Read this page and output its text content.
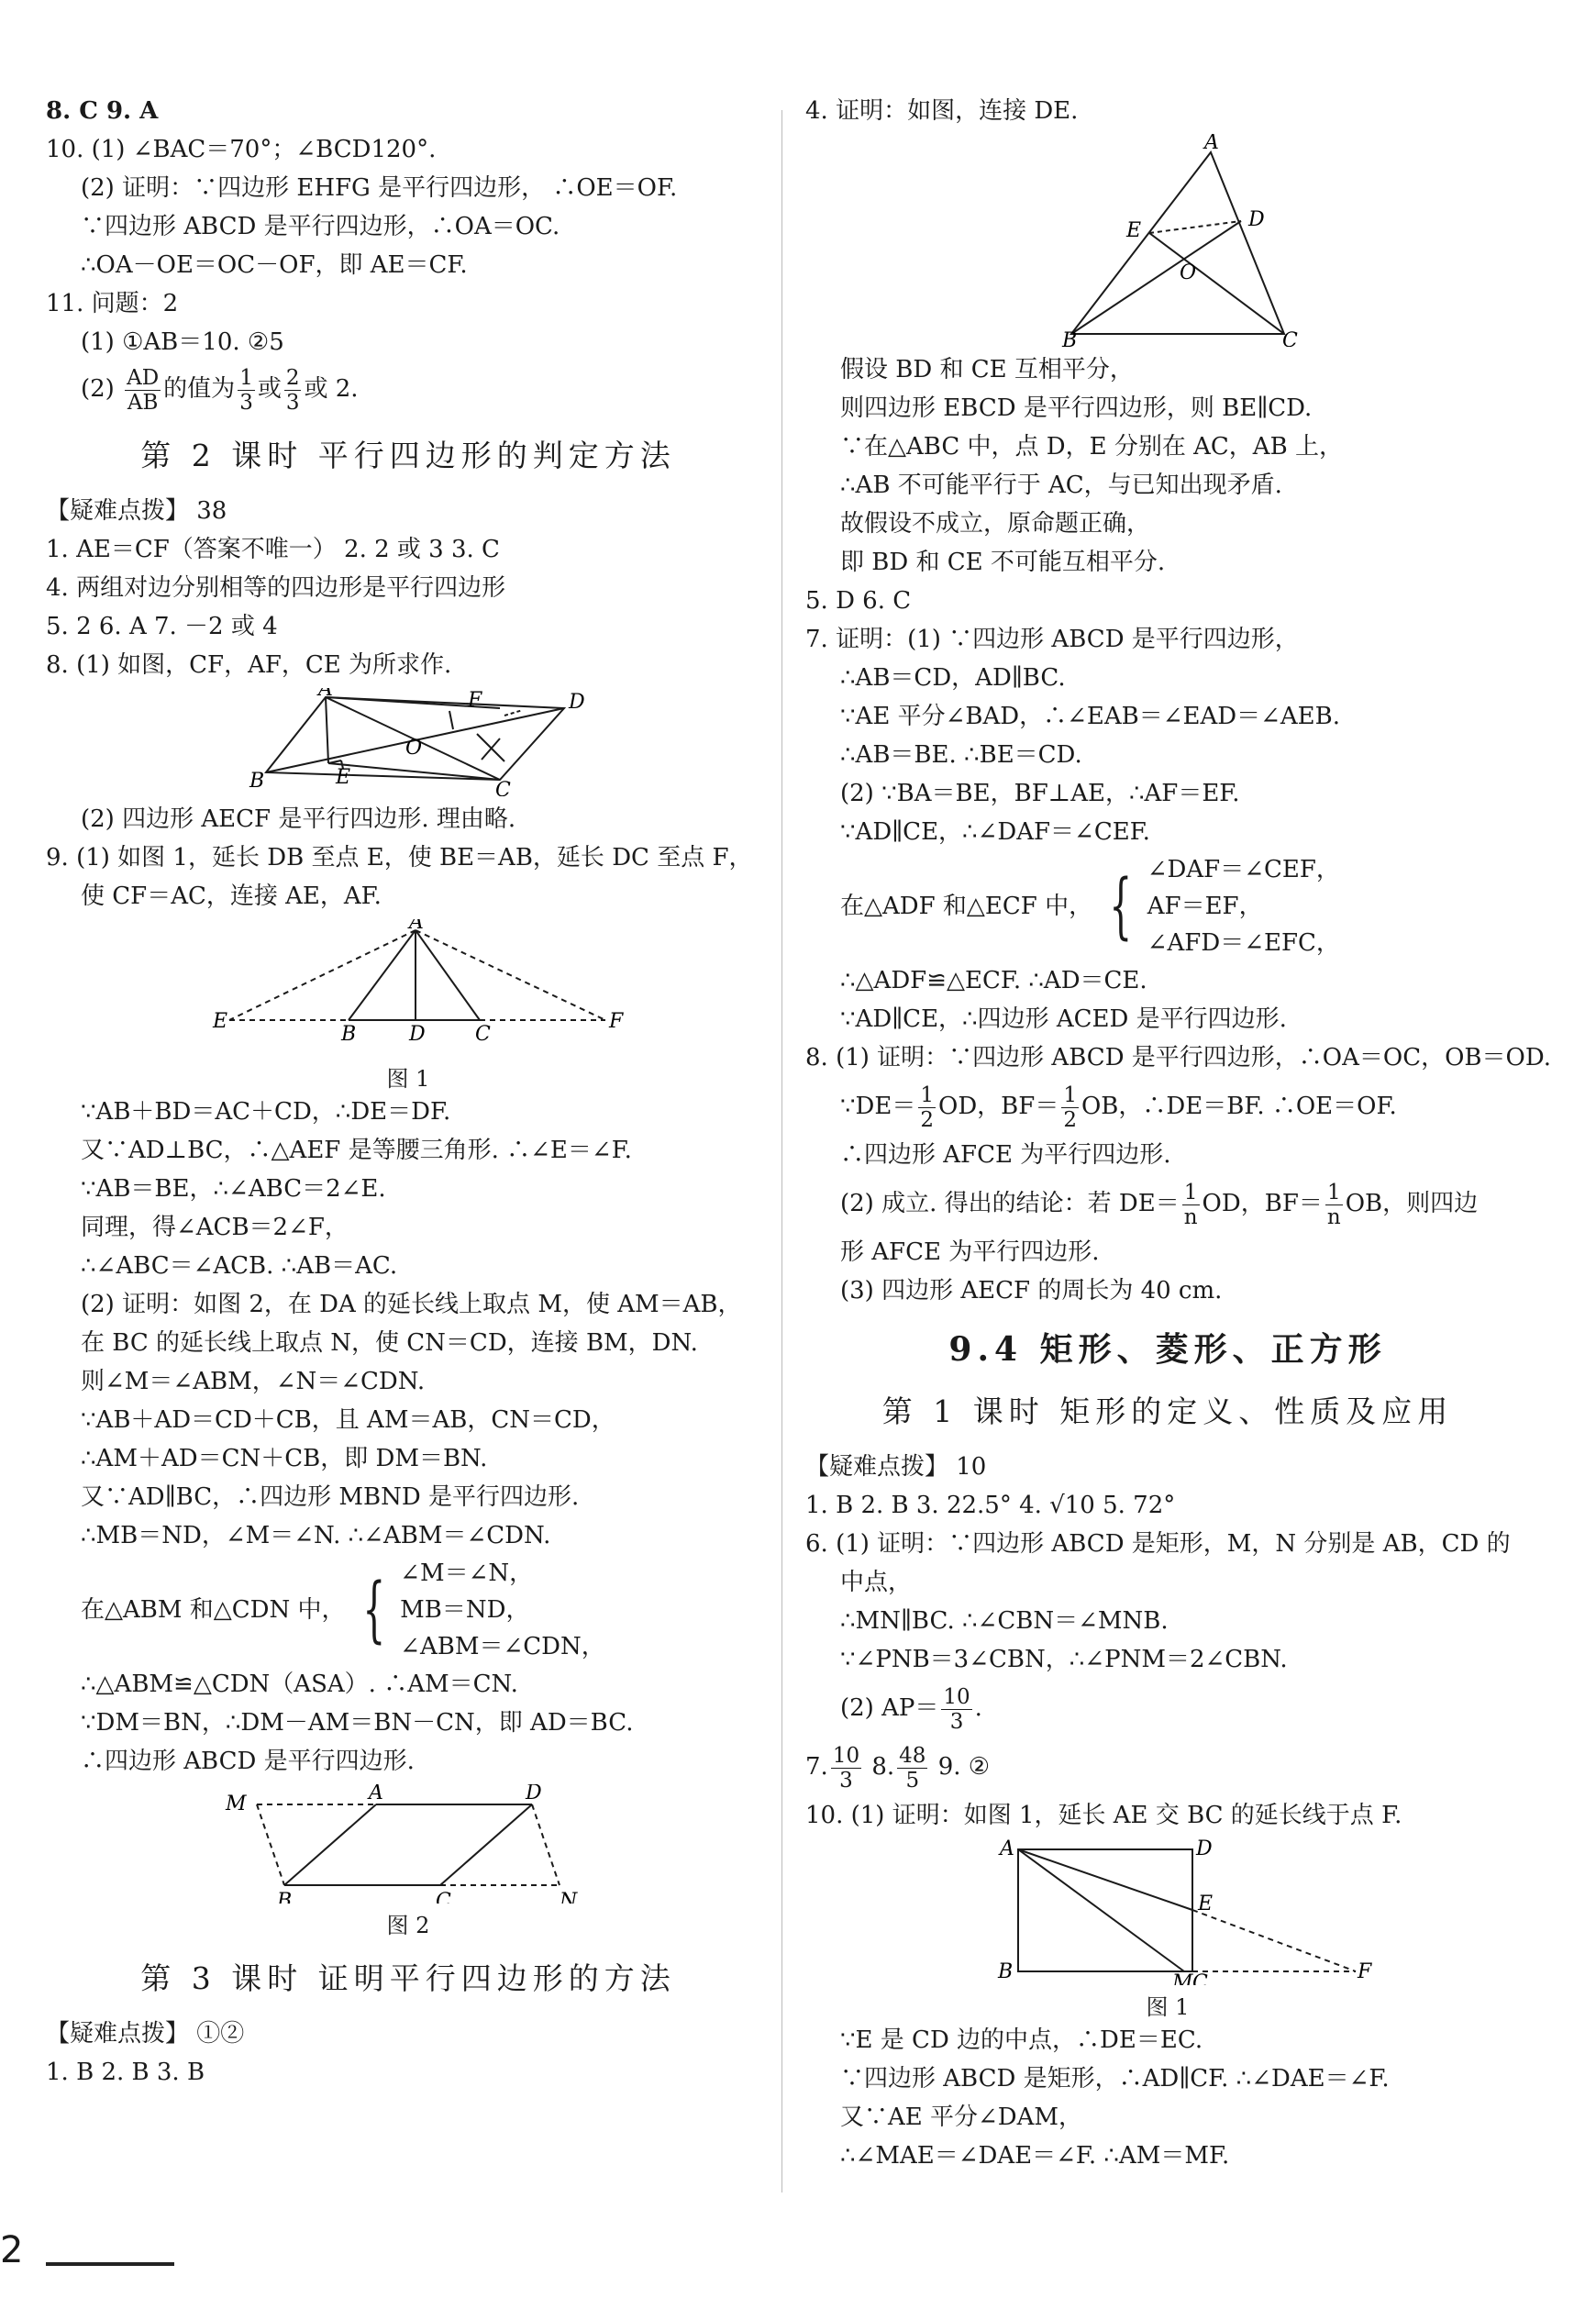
8. C 9. A
10. (1) ∠BAC＝70°；∠BCD120°.
(2) 证明：∵四边形 EHFG 是平行四边形， ∴OE＝OF.
∵四边形 ABCD 是平行四边形，∴OA＝OC.
∴OA－OE＝OC－OF，即 AE＝CF.
11. 问题：2
(1) ①AB＝10. ②5
$(2) \frac{AD}{AB}$ 的值为 $\frac{1}{3}$ 或 $\frac{2}{3}$ 或 2.
第 2 课时 平行四边形的判定方法
【疑难点拨】 38
1. AE＝CF（答案不唯一） 2. 2 或 3 3. C
4. 两组对边分别相等的四边形是平行四边形
5. 2 6. A 7. －2 或 4
8. (1) 如图，CF，AF，CE 为所求作.
A
D
B	C
F
E
O
(2) 四边形 AECF 是平行四边形. 理由略.
9. (1) 如图 1，延长 DB 至点 E，使 BE＝AB，延长 DC 至点 F，
使 CF＝AC，连接 AE，AF.
A
E
B	D C
F
图 1
∵AB＋BD＝AC＋CD，∴DE＝DF.
又∵AD⊥BC，∴△AEF 是等腰三角形. ∴∠E＝∠F.
∵AB＝BE，∴∠ABC＝2∠E.
同理，得∠ACB＝2∠F，
∴∠ABC＝∠ACB. ∴AB＝AC.
(2) 证明：如图 2，在 DA 的延长线上取点 M，使 AM＝AB，
在 BC 的延长线上取点 N，使 CN＝CD，连接 BM，DN.
则∠M＝∠ABM，∠N＝∠CDN.
∵AB＋AD＝CD＋CB，且 AM＝AB，CN＝CD，
∴AM＋AD＝CN＋CB，即 DM＝BN.
又∵AD∥BC，∴四边形 MBND 是平行四边形.
∴MB＝ND，∠M＝∠N. ∴∠ABM＝∠CDN.
在△ABM 和△CDN 中， { ∠M＝∠N，
MB＝ND，
∠ABM＝∠CDN，
∴△ABM≌△CDN（ASA）. ∴AM＝CN.
∵DM＝BN，∴DM－AM＝BN－CN，即 AD＝BC.
∴四边形 ABCD 是平行四边形.
M	A	D
B	C	N
图 2
第 3 课时 证明平行四边形的方法
【疑难点拨】 ①②
1. B 2. B 3. B
4. 证明：如图，连接 DE.
A
E	D
O
B	C
假设 BD 和 CE 互相平分，
则四边形 EBCD 是平行四边形，则 BE∥CD.
∵在△ABC 中，点 D，E 分别在 AC，AB 上，
∴AB 不可能平行于 AC，与已知出现矛盾.
故假设不成立，原命题正确，
即 BD 和 CE 不可能互相平分.
5. D 6. C
7. 证明：(1) ∵四边形 ABCD 是平行四边形，
∴AB＝CD，AD∥BC.
∵AE 平分∠BAD，∴∠EAB＝∠EAD＝∠AEB.
∴AB＝BE. ∴BE＝CD.
(2) ∵BA＝BE，BF⊥AE，∴AF＝EF.
∵AD∥CE，∴∠DAF＝∠CEF.
在△ADF 和△ECF 中， { ∠DAF＝∠CEF，
AF＝EF，
∠AFD＝∠EFC，
∴△ADF≌△ECF. ∴AD＝CE.
∵AD∥CE，∴四边形 ACED 是平行四边形.
8. (1) 证明：∵四边形 ABCD 是平行四边形，∴OA＝OC，OB＝OD.
∵DE＝ $\frac{1}{2}$ OD，$BF= \frac{1}{2}$ OB，∴DE＝BF. ∴OE＝OF.
∴四边形 AFCE 为平行四边形.
(2) 成立. 得出的结论：若 $DE= \frac{1}{n}$ OD，$BF= \frac{1}{n}$ OB，则四边
形 AFCE 为平行四边形.
(3) 四边形 AECF 的周长为 40 cm.
9.4 矩形、菱形、正方形
第 1 课时 矩形的定义、性质及应用
【疑难点拨】 10
1. B 2. B 3. 22.5° 4. √10 5. 72°
6. (1) 证明：∵四边形 ABCD 是矩形，M，N 分别是 AB，CD 的
中点，
∴MN∥BC. ∴∠CBN＝∠MNB.
∵∠PNB＝3∠CBN，∴∠PNM＝2∠CBN.
(2) $AP= \frac{10}{3}$ .
7. $\frac{10}{3} 8$. $\frac{48}{5} 9$. ②
10. (1) 证明：如图 1，延长 AE 交 BC 的延长线于点 F.
A	D
E
B	M C	F
图 1
∵E 是 CD 边的中点，∴DE＝EC.
∵四边形 ABCD 是矩形，∴AD∥CF. ∴∠DAE＝∠F.
又∵AE 平分∠DAM，
∴∠MAE＝∠DAE＝∠F. ∴AM＝MF.
2
